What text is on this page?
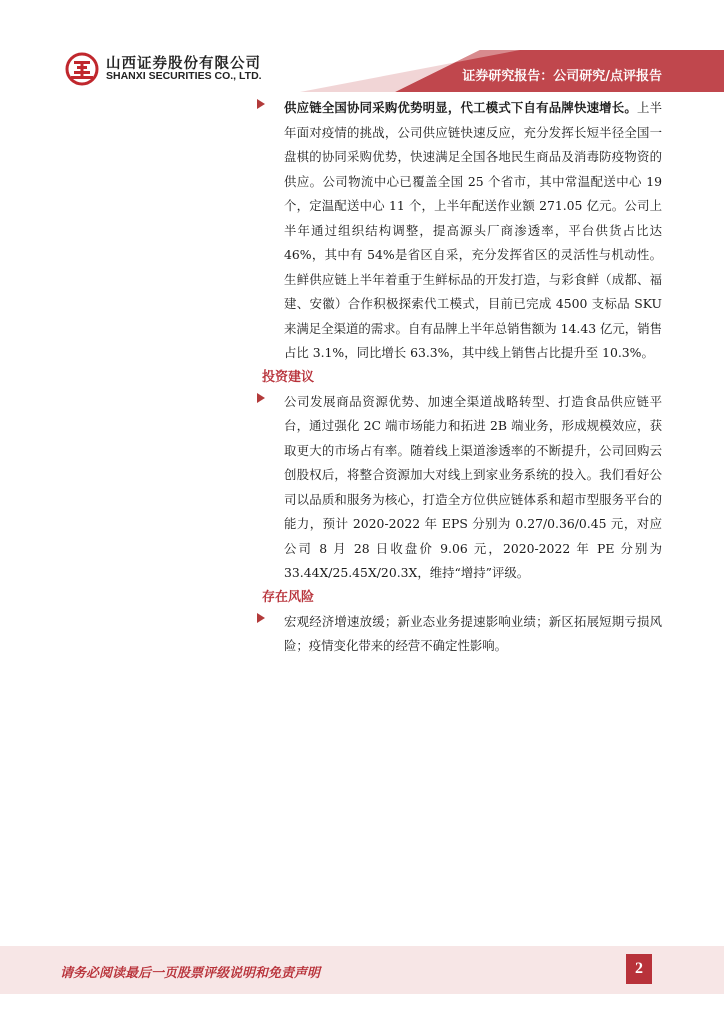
证券研究报告：公司研究/点评报告
山西证券股份有限公司
SHANXI SECURITIES CO., LTD.
供应链全国协同采购优势明显，代工模式下自有品牌快速增长。上半年面对疫情的挑战，公司供应链快速反应，充分发挥长短半径全国一盘棋的协同采购优势，快速满足全国各地民生商品及消毒防疫物资的供应。公司物流中心已覆盖全国 25 个省市，其中常温配送中心 19 个，定温配送中心 11 个，上半年配送作业额 271.05 亿元。公司上半年通过组织结构调整，提高源头厂商渗透率，平台供货占比达 46%，其中有 54%是省区自采，充分发挥省区的灵活性与机动性。生鲜供应链上半年着重于生鲜标品的开发打造，与彩食鲜（成都、福建、安徽）合作积极探索代工模式，目前已完成 4500 支标品 SKU 来满足全渠道的需求。自有品牌上半年总销售额为 14.43 亿元，销售占比 3.1%，同比增长 63.3%，其中线上销售占比提升至 10.3%。
投资建议
公司发展商品资源优势、加速全渠道战略转型、打造食品供应链平台，通过强化 2C 端市场能力和拓进 2B 端业务，形成规模效应，获取更大的市场占有率。随着线上渠道渗透率的不断提升，公司回购云创股权后，将整合资源加大对线上到家业务系统的投入。我们看好公司以品质和服务为核心，打造全方位供应链体系和超市型服务平台的能力，预计 2020-2022 年 EPS 分别为 0.27/0.36/0.45 元，对应公司 8 月 28 日收盘价 9.06 元，2020-2022 年 PE 分别为 33.44X/25.45X/20.3X，维持“增持”评级。
存在风险
宏观经济增速放缓；新业态业务提速影响业绩；新区拓展短期亏损风险；疫情变化带来的经营不确定性影响。
请务必阅读最后一页股票评级说明和免责声明	2
